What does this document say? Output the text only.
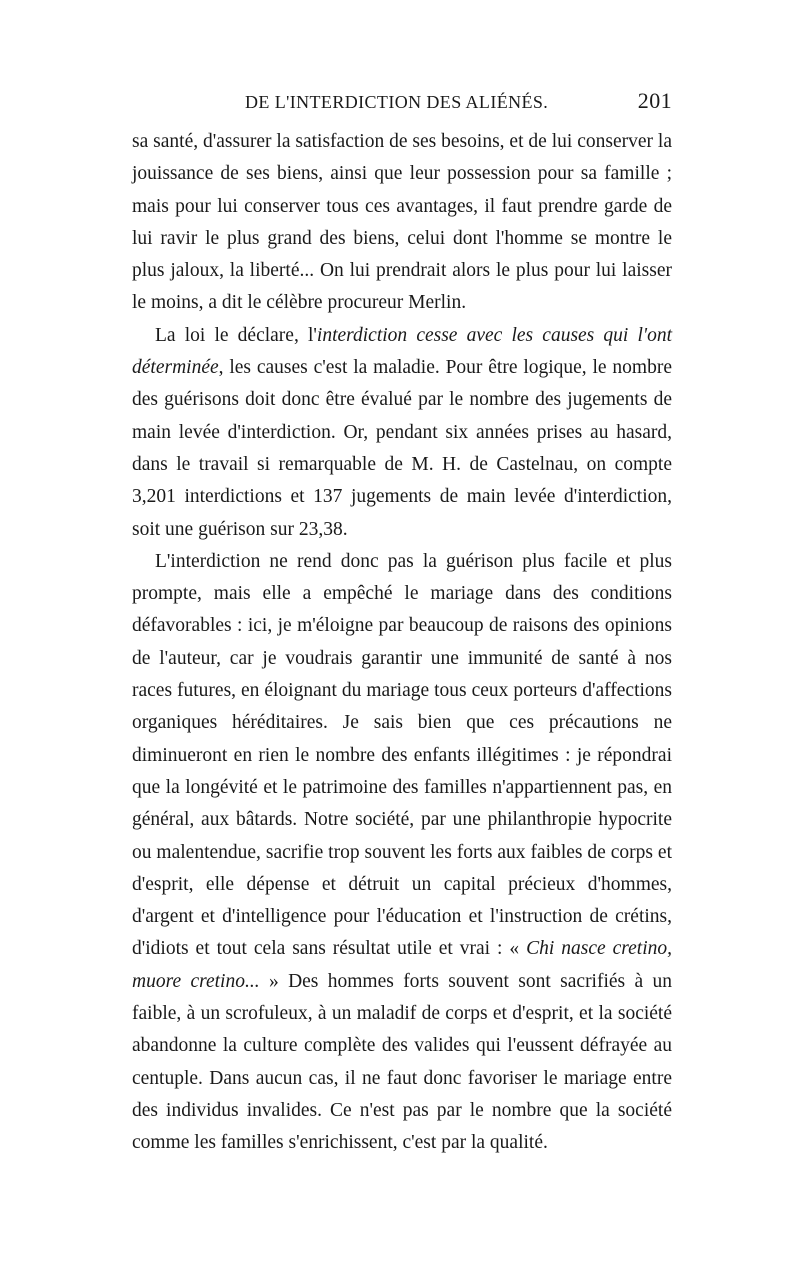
DE L'INTERDICTION DES ALIÉNÉS.	201

sa santé, d'assurer la satisfaction de ses besoins, et de lui conserver la jouissance de ses biens, ainsi que leur possession pour sa famille ; mais pour lui conserver tous ces avantages, il faut prendre garde de lui ravir le plus grand des biens, celui dont l'homme se montre le plus jaloux, la liberté... On lui prendrait alors le plus pour lui laisser le moins, a dit le célèbre procureur Merlin.

La loi le déclare, l'interdiction cesse avec les causes qui l'ont déterminée, les causes c'est la maladie. Pour être logique, le nombre des guérisons doit donc être évalué par le nombre des jugements de main levée d'interdiction. Or, pendant six années prises au hasard, dans le travail si remarquable de M. H. de Castelnau, on compte 3,201 interdictions et 137 jugements de main levée d'interdiction, soit une guérison sur 23,38.

L'interdiction ne rend donc pas la guérison plus facile et plus prompte, mais elle a empêché le mariage dans des conditions défavorables : ici, je m'éloigne par beaucoup de raisons des opinions de l'auteur, car je voudrais garantir une immunité de santé à nos races futures, en éloignant du mariage tous ceux porteurs d'affections organiques héréditaires. Je sais bien que ces précautions ne diminueront en rien le nombre des enfants illégitimes : je répondrai que la longévité et le patrimoine des familles n'appartiennent pas, en général, aux bâtards. Notre société, par une philanthropie hypocrite ou malentendue, sacrifie trop souvent les forts aux faibles de corps et d'esprit, elle dépense et détruit un capital précieux d'hommes, d'argent et d'intelligence pour l'éducation et l'instruction de crétins, d'idiots et tout cela sans résultat utile et vrai : « Chi nasce cretino, muore cretino... » Des hommes forts souvent sont sacrifiés à un faible, à un scrofuleux, à un maladif de corps et d'esprit, et la société abandonne la culture complète des valides qui l'eussent défrayée au centuple. Dans aucun cas, il ne faut donc favoriser le mariage entre des individus invalides. Ce n'est pas par le nombre que la société comme les familles s'enrichissent, c'est par la qualité.
